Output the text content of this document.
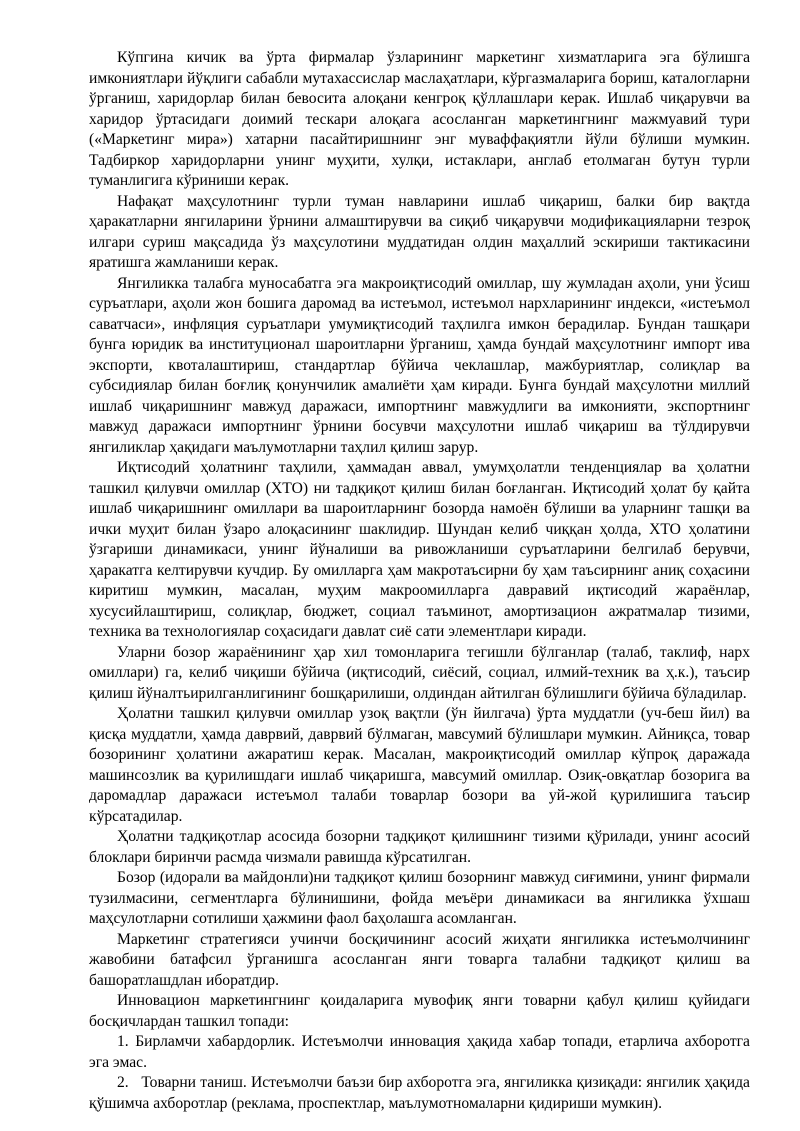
Кўпгина кичик ва ўрта фирмалар ўзларининг маркетинг хизматларига эга бўлишга имкониятлари йўқлиги сабабли мутахассислар маслаҳатлари, кўргазмаларига бориш, каталогларни ўрганиш, харидорлар билан бевосита алоқани кенгроқ қўллашлари керак. Ишлаб чиқарувчи ва харидор ўртасидаги доимий тескари алоқага асосланган маркетингнинг мажмуавий тури («Маркетинг мира») хатарни пасайтиришнинг энг муваффақиятли йўли бўлиши мумкин. Тадбиркор харидорларни унинг муҳити, хулқи, истаклари, англаб етолмаган бутун турли туманлигига кўриниши керак.

Нафақат маҳсулотнинг турли туман навларини ишлаб чиқариш, балки бир вақтда ҳаракатларни янгиларини ўрнини алмаштирувчи ва сиқиб чиқарувчи модификацияларни тезроқ илгари суриш мақсадида ўз маҳсулотини муддатидан олдин маҳаллий эскириши тактикасини яратишга жамланиши керак.

Янгиликка талабга муносабатга эга макроиқтисодий омиллар, шу жумладан аҳоли, уни ўсиш суръатлари, аҳоли жон бошига даромад ва истеъмол, истеъмол нархларининг индекси, «истеъмол саватчаси», инфляция суръатлари умумиқтисодий таҳлилга имкон берадилар. Бундан ташқари бунга юридик ва институционал шароитларни ўрганиш, ҳамда бундай маҳсулотнинг импорт ива экспорти, квоталаштириш, стандартлар бўйича чеклашлар, мажбуриятлар, солиқлар ва субсидиялар билан боғлиқ қонунчилик амалиёти ҳам киради. Бунга бундай маҳсулотни миллий ишлаб чиқаришнинг мавжуд даражаси, импортнинг мавжудлиги ва имконияти, экспортнинг мавжуд даражаси импортнинг ўрнини босувчи маҳсулотни ишлаб чиқариш ва тўлдирувчи янгиликлар ҳақидаги маълумотларни таҳлил қилиш зарур.

Иқтисодий ҳолатнинг таҳлили, ҳаммадан аввал, умумҳолатли тенденциялар ва ҳолатни ташкил қилувчи омиллар (ХТО) ни тадқиқот қилиш билан боғланган. Иқтисодий ҳолат бу қайта ишлаб чиқаришнинг омиллари ва шароитларнинг бозорда намоён бўлиши ва уларнинг ташқи ва ички муҳит билан ўзаро алоқасининг шаклидир. Шундан келиб чиққан ҳолда, ХТО ҳолатини ўзгариши динамикаси, унинг йўналиши ва ривожланиши суръатларини белгилаб берувчи, ҳаракатга келтирувчи кучдир. Бу омилларга ҳам макротаъсирни бу ҳам таъсирнинг аниқ соҳасини киритиш мумкин, масалан, муҳим макроомилларга давравий иқтисодий жараёнлар, хусусийлаштириш, солиқлар, бюджет, социал таъминот, амортизацион ажратмалар тизими, техника ва технологиялар соҳасидаги давлат сиё сати элементлари киради.

Уларни бозор жараёнининг ҳар хил томонларига тегишли бўлганлар (талаб, таклиф, нарх омиллари) га, келиб чиқиши бўйича (иқтисодий, сиёсий, социал, илмий-техник ва ҳ.к.), таъсир қилиш йўналтьирилганлигининг бошқарилиши, олдиндан айтилган бўлишлиги бўйича бўладилар.

Ҳолатни ташкил қилувчи омиллар узоқ вақтли (ўн йилгача) ўрта муддатли (уч-беш йил) ва қисқа муддатли, ҳамда даврвий, даврвий бўлмаган, мавсумий бўлишлари мумкин. Айниқса, товар бозорининг ҳолатини ажаратиш керак. Масалан, макроиқтисодий омиллар кўпроқ даражада машинсозлик ва қурилишдаги ишлаб чиқаришга, мавсумий омиллар. Озиқ-овқатлар бозорига ва даромадлар даражаси истеъмол талаби товарлар бозори ва уй-жой қурилишига таъсир кўрсатадилар.

Ҳолатни тадқиқотлар асосида бозорни тадқиқот қилишнинг тизими қўрилади, унинг асосий блоклари биринчи расмда чизмали равишда кўрсатилган.

Бозор (идорали ва майдонли)ни тадқиқот қилиш бозорнинг мавжуд сиғимини, унинг фирмали тузилмасини, сегментларга бўлинишини, фойда меъёри динамикаси ва янгиликка ўхшаш маҳсулотларни сотилиши ҳажмини фаол баҳолашга асомланган.

Маркетинг стратегияси учинчи босқичининг асосий жиҳати янгиликка истеъмолчининг жавобини батафсил ўрганишга асосланган янги товарга талабни тадқиқот қилиш ва башоратлашдлан иборатдир.

Инновацион маркетингнинг қоидаларига мувофиқ янги товарни қабул қилиш қуйидаги босқичлардан ташкил топади:

1. Бирламчи хабардорлик. Истеъмолчи инновация ҳақида хабар топади, етарлича ахборотга эга эмас.

2. Товарни таниш. Истеъмолчи баъзи бир ахборотга эга, янгиликка қизиқади: янгилик ҳақида қўшимча ахборотлар (реклама, проспектлар, маълумотномаларни қидириши мумкин).
